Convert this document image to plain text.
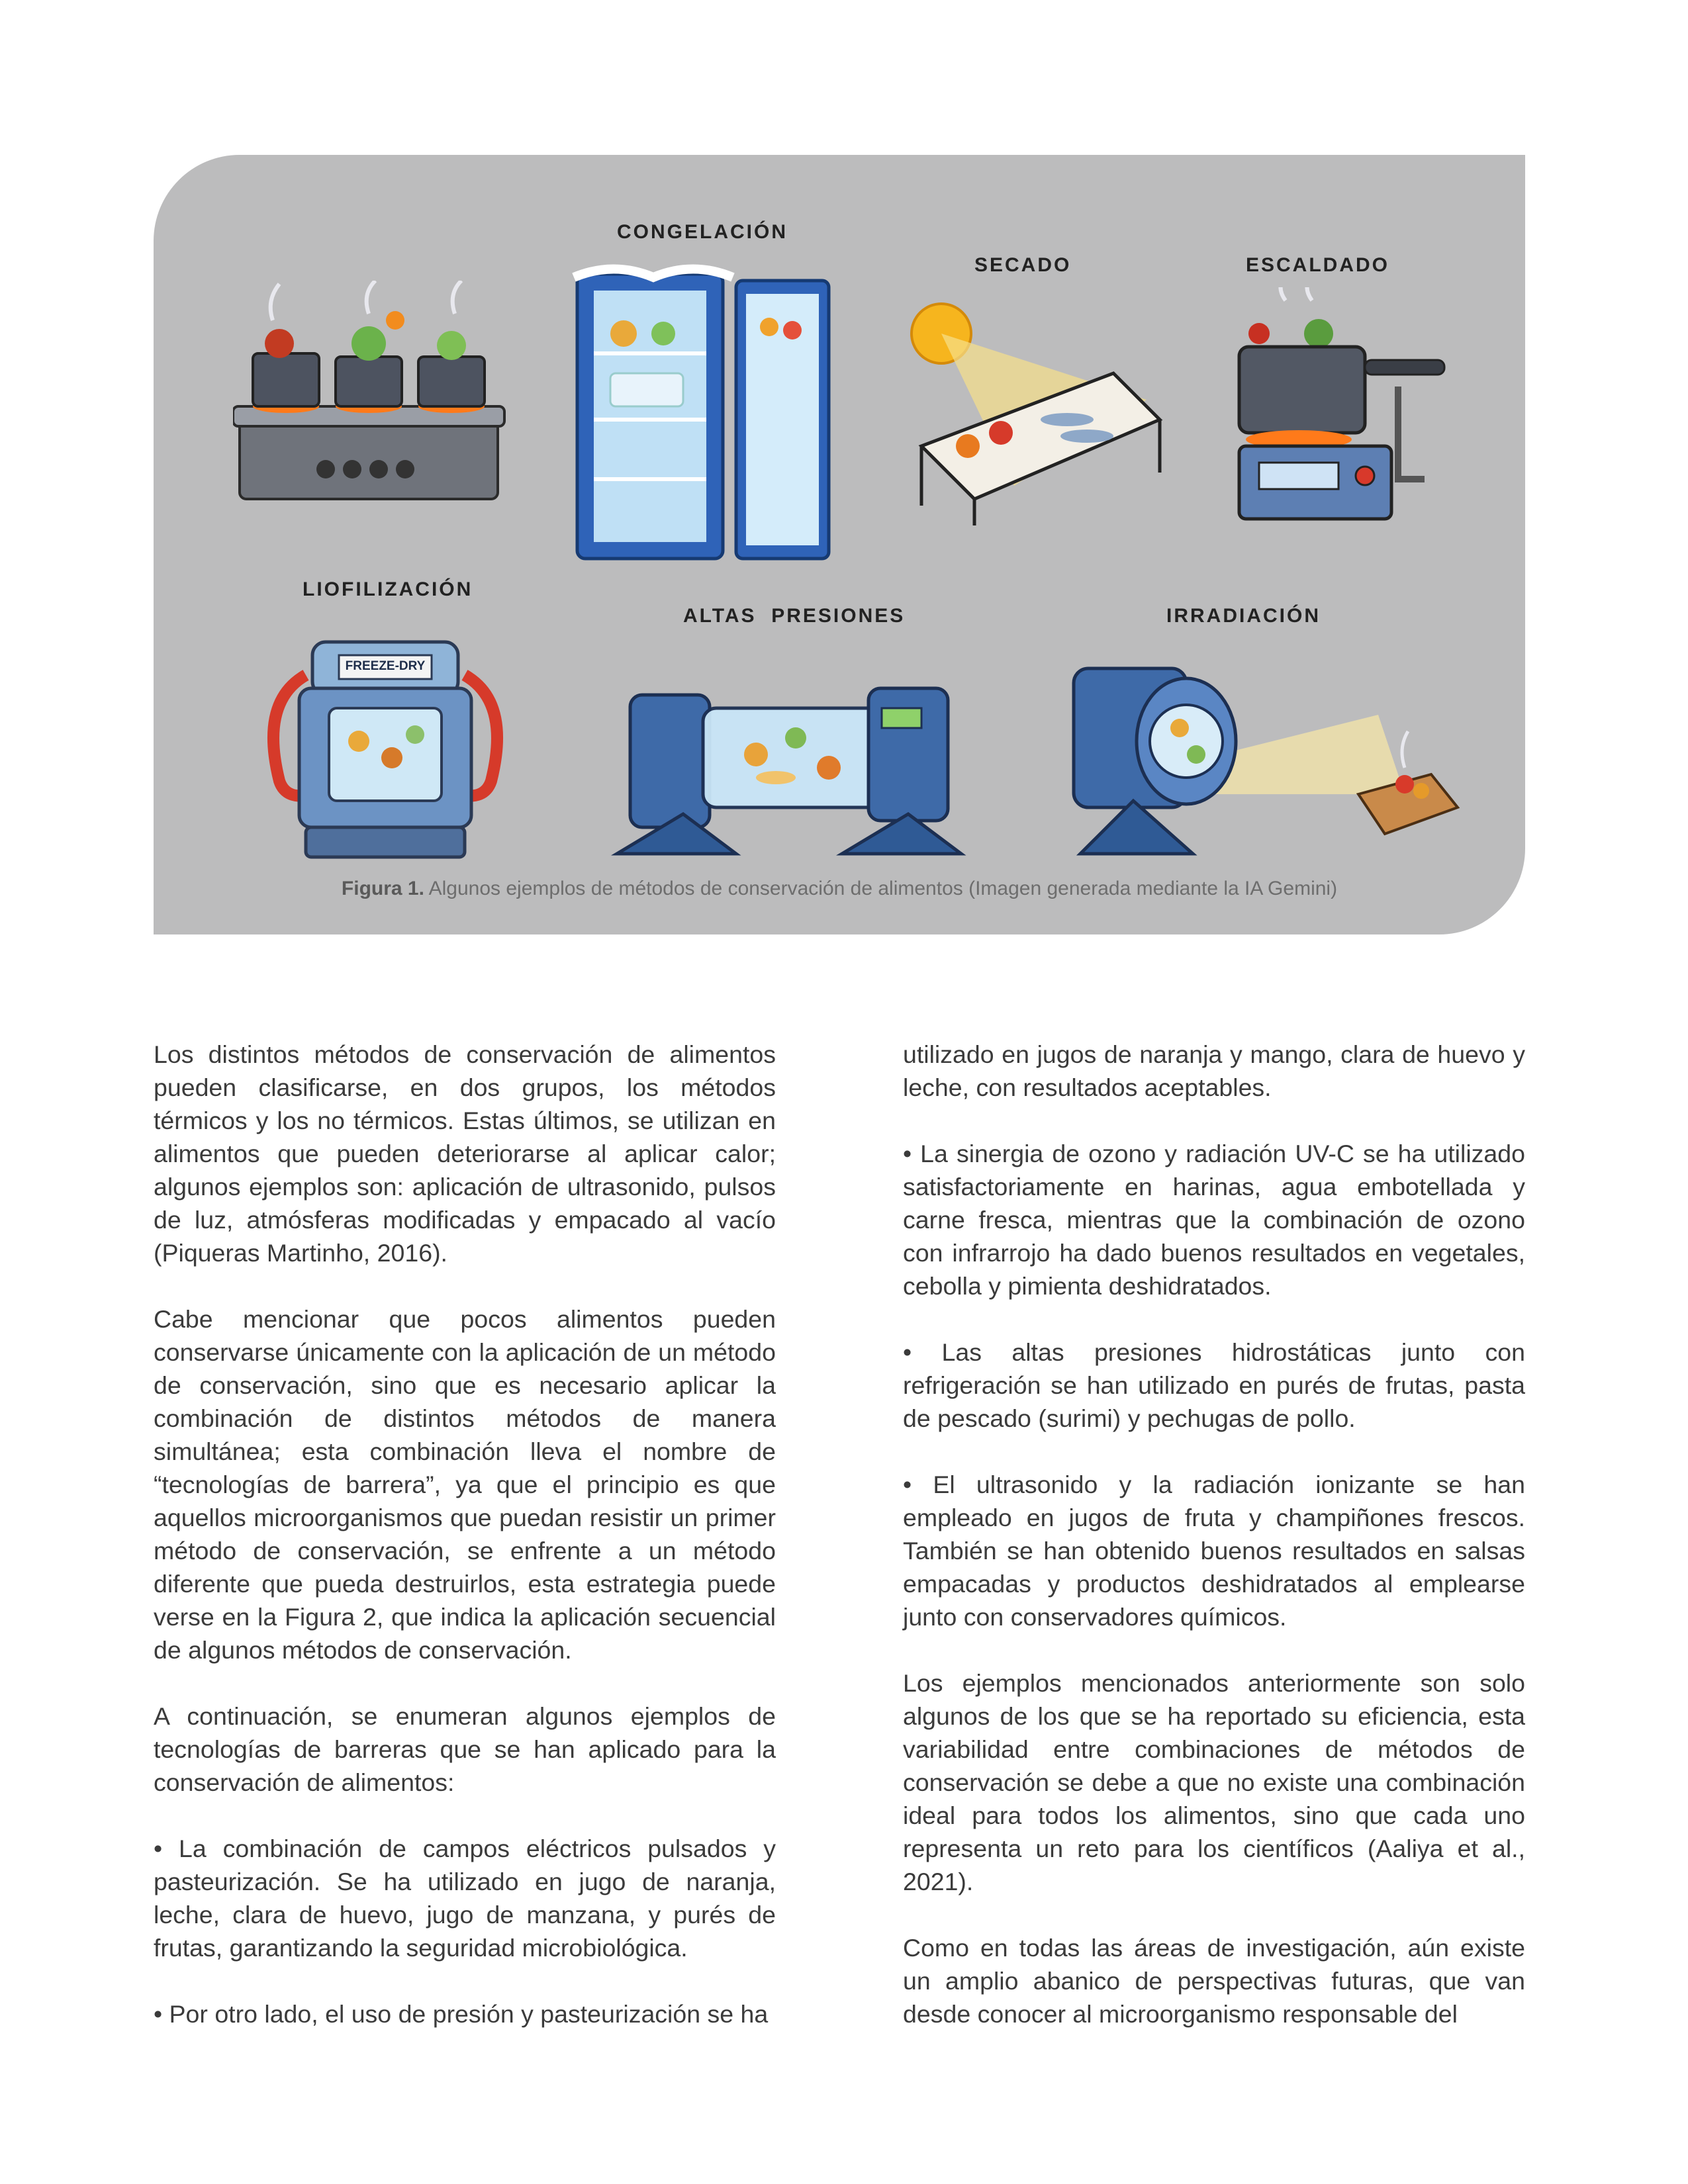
CONGELACIÓN
SECADO	ESCALDADO
LIOFILIZACIÓN
FREEZE-DRY
ALTAS  PRESIONES	IRRADIACIÓN
Figura 1. Algunos ejemplos de métodos de conservación de alimentos (Imagen generada mediante la IA Gemini)

Los distintos métodos de conservación de alimentos pueden clasificarse, en dos grupos, los métodos térmicos y los no térmicos. Estas últimos, se utilizan en alimentos que pueden deteriorarse al aplicar calor; algunos ejemplos son: aplicación de ultrasonido, pulsos de luz, atmósferas modificadas y empacado al vacío (Piqueras Martinho, 2016).

Cabe mencionar que pocos alimentos pueden conservarse únicamente con la aplicación de un método de conservación, sino que es necesario aplicar la combinación de distintos métodos de manera simultánea; esta combinación lleva el nombre de “tecnologías de barrera”, ya que el principio es que aquellos microorganismos que puedan resistir un primer método de conservación, se enfrente a un método diferente que pueda destruirlos, esta estrategia puede verse en la Figura 2, que indica la aplicación secuencial de algunos métodos de conservación.

A continuación, se enumeran algunos ejemplos de tecnologías de barreras que se han aplicado para la conservación de alimentos:

• La combinación de campos eléctricos pulsados y pasteurización. Se ha utilizado en jugo de naranja, leche, clara de huevo, jugo de manzana, y purés de frutas, garantizando la seguridad microbiológica.

• Por otro lado, el uso de presión y pasteurización se ha

utilizado en jugos de naranja y mango, clara de huevo y leche, con resultados aceptables.

• La sinergia de ozono y radiación UV-C se ha utilizado satisfactoriamente en harinas, agua embotellada y carne fresca, mientras que la combinación de ozono con infrarrojo ha dado buenos resultados en vegetales, cebolla y pimienta deshidratados.

• Las altas presiones hidrostáticas junto con refrigeración se han utilizado en purés de frutas, pasta de pescado (surimi) y pechugas de pollo.

• El ultrasonido y la radiación ionizante se han empleado en jugos de fruta y champiñones frescos. También se han obtenido buenos resultados en salsas empacadas y productos deshidratados al emplearse junto con conservadores químicos.

Los ejemplos mencionados anteriormente son solo algunos de los que se ha reportado su eficiencia, esta variabilidad entre combinaciones de métodos de conservación se debe a que no existe una combinación ideal para todos los alimentos, sino que cada uno representa un reto para los científicos (Aaliya et al., 2021).

Como en todas las áreas de investigación, aún existe un amplio abanico de perspectivas futuras, que van desde conocer al microorganismo responsable del
